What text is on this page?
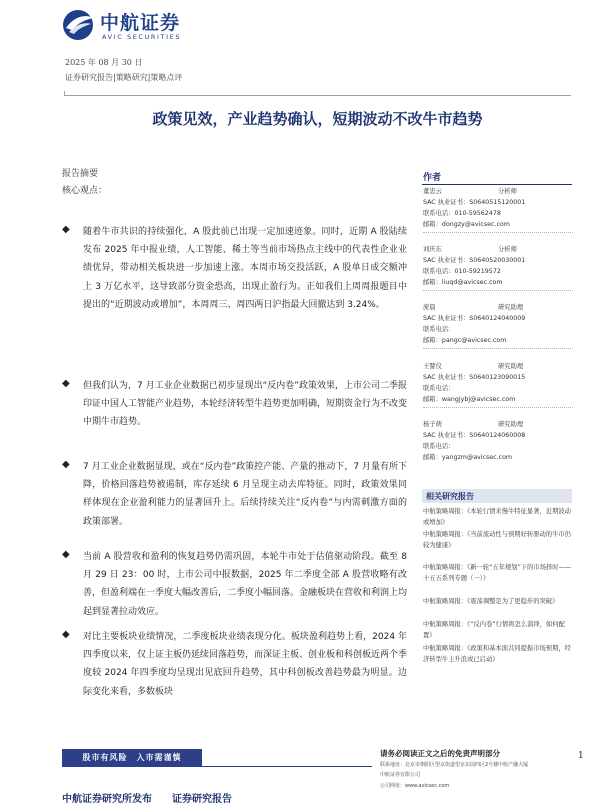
中航证券
AVIC SECURITIES
2025 年 08 月 30 日
证券研究报告|策略研究|策略点评
政策见效，产业趋势确认，短期波动不改牛市趋势
报告摘要
核心观点：
◆ 随着牛市共识的持续强化，A 股此前已出现一定加速迹象。同时，近期 A 股陆续发布 2025 年中报业绩，人工智能、稀土等当前市场热点主线中的代表性企业业绩优异，带动相关板块进一步加速上涨。本周市场交投活跃，A 股单日成交额冲上 3 万亿水平，这导致部分资金恐高，出现止盈行为。正如我们上周周报题目中提出的“近期波动或增加”，本周周三、周四两日沪指最大回撤达到 3.24%。
◆ 但我们认为，7 月工业企业数据已初步显现出“反内卷”政策效果，上市公司二季报印证中国人工智能产业趋势，本轮经济转型牛趋势更加明确，短期资金行为不改变中期牛市趋势。
◆ 7 月工业企业数据显现，或在“反内卷”政策控产能、产量的推动下，7 月量有所下降，价格回落趋势被遏制，库存延续 6 月呈现主动去库特征。同时，政策效果同样体现在企业盈利能力的显著回升上。后续持续关注“反内卷”与内需刺激方面的政策部署。
◆ 当前 A 股营收和盈利的恢复趋势仍需巩固，本轮牛市处于估值驱动阶段。截至 8 月 29 日 23：00 时，上市公司中报数据，2025 年二季度全部 A 股营收略有改善，但盈利端在一季度大幅改善后，二季度小幅回落。金融板块在营收和利润上均起到显著拉动效应。
◆ 对比主要板块业绩情况，二季度板块业绩表现分化。板块盈利趋势上看，2024 年四季度以来，仅上证主板仍延续回落趋势，而深证主板、创业板和科创板近两个季度较 2024 年四季度均呈现出见底回升趋势，其中科创板改善趋势最为明显。边际变化来看，多数板块
作者
董忠云	分析师
SAC 执业证书：S0640515120001
联系电话：010-59562478
邮箱：dongzy@avicsec.com
刘庆东	分析师
SAC 执业证书：S0640520030001
联系电话：010-59219572
邮箱：liuqd@avicsec.com
庞晨	研究助理
SAC 执业证书：S0640124040009
联系电话：
邮箱：pangc@avicsec.com
王譬仪	研究助理
SAC 执业证书：S0640123090015
联系电话：
邮箱：wangjybj@avicsec.com
杨子萌	研究助理
SAC 执业证书：S0640124060008
联系电话：
邮箱：yangzm@avicsec.com
相关研究报告
中航策略周报：《本轮行情来慢牛特征显著，近期波动或增加》
中航策略周报：《当前流动性与预期好转驱动的牛市仍较为健康》
中航策略周报：《新一轮“五年规划”下的市场择时——十五五系列专题（一）》
中航策略周报：《震荡调整是为了更稳步的突破》
中航策略周报：《“反内卷”行情将怎么演绎，如何配置》
中航策略周报：《政策和基本面共同提振市场预期，经济转型牛主升浪或已启动》
股市有风险　入市需谨慎	请务必阅读正文之后的免责声明部分
联系地址：北京市朝阳区望京街道望京东园四区2号楼中航产融大厦
中航证券有限公司
公司网址：www.avicsec.com
1
中航证券研究所发布　　证券研究报告
